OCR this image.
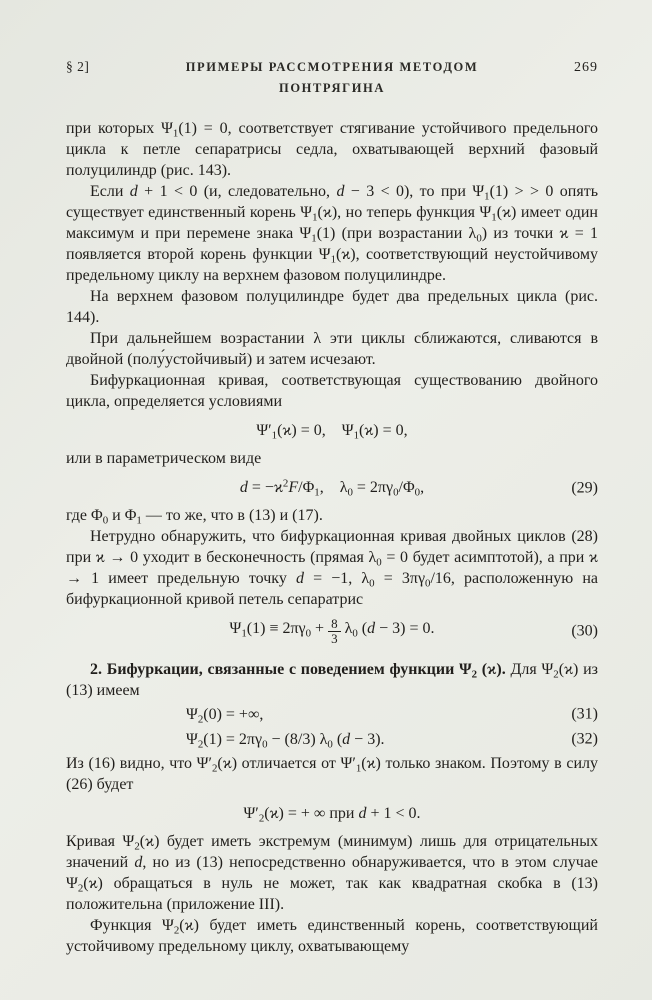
§ 2]	ПРИМЕРЫ РАССМОТРЕНИЯ МЕТОДОМ ПОНТРЯГИНА
269

при которых $\Psi_1(1) = 0$, соответствует стягивание устойчивого предельного цикла к петле сепаратрисы седла, охватывающей верхний фазовый полуцилиндр (рис. 143).

Если d + 1 < 0 (и, следовательно, d − 3 < 0), то при $\Psi_1(1)$ > > 0 опять существует единственный корень $\Psi_1(ϰ)$, но теперь функция $\Psi_1(ϰ)$ имеет один максимум и при перемене знака $\Psi_1(1)$ (при возрастании $\lambda_0$) из точки ϰ = 1 появляется второй корень функции $\Psi_1(ϰ)$, соответствующий неустойчивому предельному циклу на верхнем фазовом полуцилиндре.

На верхнем фазовом полуцилиндре будет два предельных цикла (рис. 144).

При дальнейшем возрастании λ эти циклы сближаются, сливаются в двойной (полу́устойчивый) и затем исчезают.

Бифуркационная кривая, соответствующая существованию двойного цикла, определяется условиями

$\Psi'_1(ϰ) = 0$, $\Psi_1(ϰ) = 0$,

или в параметрическом виде

$d = -ϰ^2F/\Phi_1$, $\lambda_0 = 2\pi\gamma_0/\Phi_0$,	(29)

где $\Phi_0$ и $\Phi_1$ — то же, что в (13) и (17).

Нетрудно обнаружить, что бифуркационная кривая двойных циклов (28) при ϰ → 0 уходит в бесконечность (прямая $\lambda_0 = 0$ будет асимптотой), а при ϰ → 1 имеет предельную точку d = −1, $\lambda_0 = 3\pi\gamma_0/16$, расположенную на бифуркационной кривой петель сепаратрис

$\Psi_1(1) \equiv 2\pi\gamma_0 + \frac{8}{3} \lambda_0$ (d − 3) = 0.	(30)

2. Бифуркации, связанные с поведением функции $\Psi_2$ (ϰ). Для $\Psi_2(ϰ)$ из (13) имеем

$\Psi_2(0)$ = +∞,	(31)
$\Psi_2(1) = 2\pi\gamma_0 - (8/3)$ $\lambda_0$ (d − 3).	(32)

Из (16) видно, что $\Psi'_2(ϰ)$ отличается от $\Psi'_1(ϰ)$ только знаком. Поэтому в силу (26) будет

$\Psi'_2(ϰ)$ = + ∞ при d + 1 < 0.

Кривая $\Psi_2(ϰ)$ будет иметь экстремум (минимум) лишь для отрицательных значений d, но из (13) непосредственно обнаруживается, что в этом случае $\Psi_2(ϰ)$ обращаться в нуль не может, так как квадратная скобка в (13) положительна (приложение III).

Функция $\Psi_2(ϰ)$ будет иметь единственный корень, соответствующий устойчивому предельному циклу, охватывающему
